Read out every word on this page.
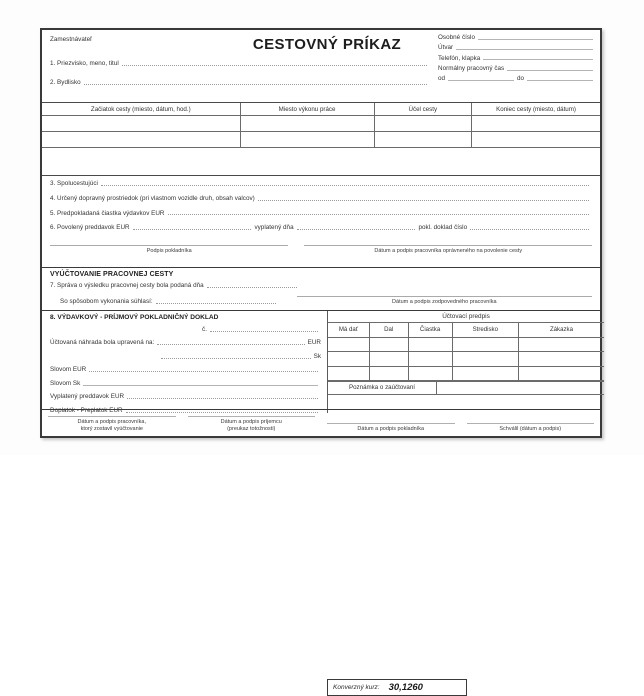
Zamestnávateľ	CESTOVNÝ PRÍKAZ	Osobné číslo
Útvar
Telefón, klapka
Normálny pracovný čas
od	do
1. Priezvisko, meno, titul
2. Bydlisko
Začiatok cesty (miesto, dátum, hod.)	Miesto výkonu práce	Účel cesty	Koniec cesty (miesto, dátum)

3. Spolucestujúci
4. Určený dopravný prostriedok (pri vlastnom vozidle druh, obsah valcov)
5. Predpokladaná čiastka výdavkov EUR
6. Povolený preddavok EUR	vyplatený dňa	pokl. doklad číslo
Podpis pokladníka	Dátum a podpis pracovníka oprávneného na povolenie cesty
VYÚČTOVANIE PRACOVNEJ CESTY
7. Správa o výsledku pracovnej cesty bola podaná dňa
So spôsobom vykonania súhlasí:	Dátum a podpis zodpovedného pracovníka
8. VÝDAVKOVÝ - PRÍJMOVÝ POKLADNIČNÝ DOKLAD
č.
Účtovaná náhrada bola upravená na:	EUR
Sk
Slovom EUR
Slovom Sk
Vyplatený preddavok EUR
Doplatok - Preplatok EUR
Účtovací predpis
Má dať	Dal	Čiastka	Stredisko	Zákazka

Poznámka o zaúčtovaní
Konverzný kurz: 30,1260
Dátum a podpis pracovníka,
ktorý zostavil vyúčtovanie
Dátum a podpis príjemcu
(preukaz totožnosti)	Dátum a podpis pokladníka	Schválil (dátum a podpis)
